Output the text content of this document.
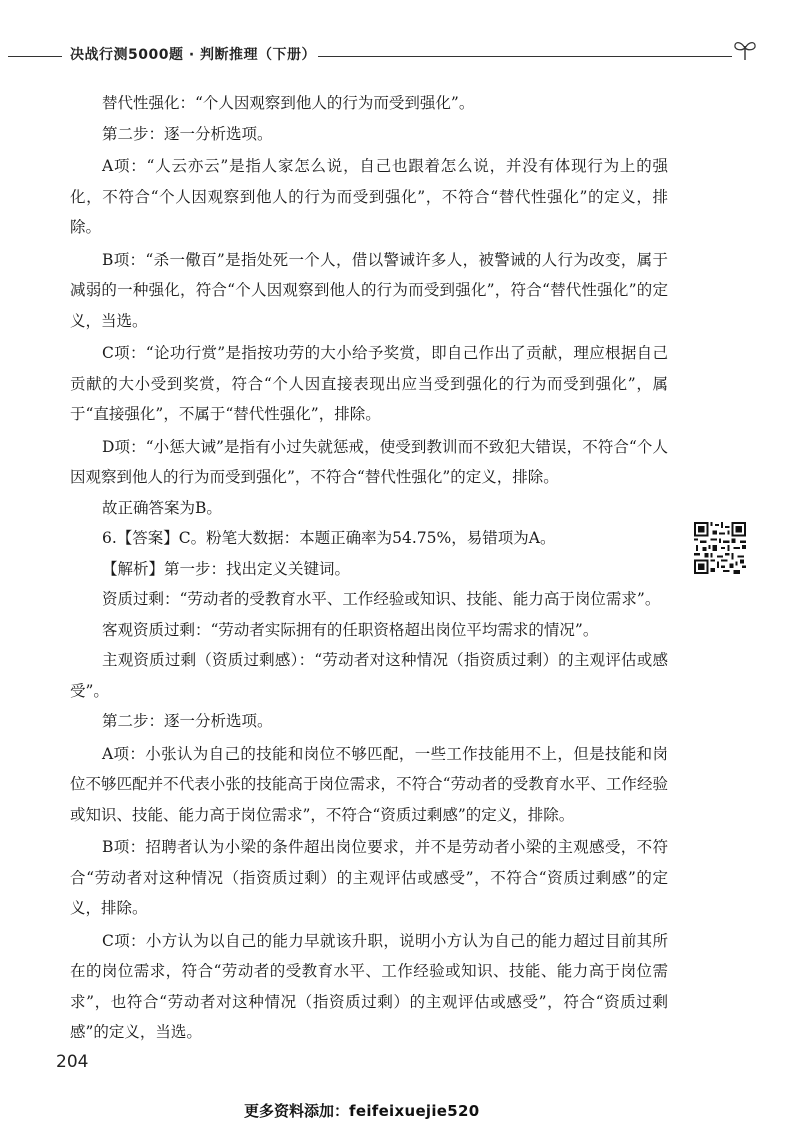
决战行测5000题 · 判断推理（下册）

替代性强化：“个人因观察到他人的行为而受到强化”。

第二步：逐一分析选项。

A项：“人云亦云”是指人家怎么说，自己也跟着怎么说，并没有体现行为上的强化，不符合“个人因观察到他人的行为而受到强化”，不符合“替代性强化”的定义，排除。

B项：“杀一儆百”是指处死一个人，借以警诫许多人，被警诫的人行为改变，属于减弱的一种强化，符合“个人因观察到他人的行为而受到强化”，符合“替代性强化”的定义，当选。

C项：“论功行赏”是指按功劳的大小给予奖赏，即自己作出了贡献，理应根据自己贡献的大小受到奖赏，符合“个人因直接表现出应当受到强化的行为而受到强化”，属于“直接强化”，不属于“替代性强化”，排除。

D项：“小惩大诫”是指有小过失就惩戒，使受到教训而不致犯大错误，不符合“个人因观察到他人的行为而受到强化”，不符合“替代性强化”的定义，排除。

故正确答案为B。

6.【答案】C。粉笔大数据：本题正确率为54.75%，易错项为A。

【解析】第一步：找出定义关键词。

资质过剩：“劳动者的受教育水平、工作经验或知识、技能、能力高于岗位需求”。

客观资质过剩：“劳动者实际拥有的任职资格超出岗位平均需求的情况”。

主观资质过剩（资质过剩感）：“劳动者对这种情况（指资质过剩）的主观评估或感受”。

第二步：逐一分析选项。

A项：小张认为自己的技能和岗位不够匹配，一些工作技能用不上，但是技能和岗位不够匹配并不代表小张的技能高于岗位需求，不符合“劳动者的受教育水平、工作经验或知识、技能、能力高于岗位需求”，不符合“资质过剩感”的定义，排除。

B项：招聘者认为小梁的条件超出岗位要求，并不是劳动者小梁的主观感受，不符合“劳动者对这种情况（指资质过剩）的主观评估或感受”，不符合“资质过剩感”的定义，排除。

C项：小方认为以自己的能力早就该升职，说明小方认为自己的能力超过目前其所在的岗位需求，符合“劳动者的受教育水平、工作经验或知识、技能、能力高于岗位需求”，也符合“劳动者对这种情况（指资质过剩）的主观评估或感受”，符合“资质过剩感”的定义，当选。

204
更多资料添加：feifeixuejie520
